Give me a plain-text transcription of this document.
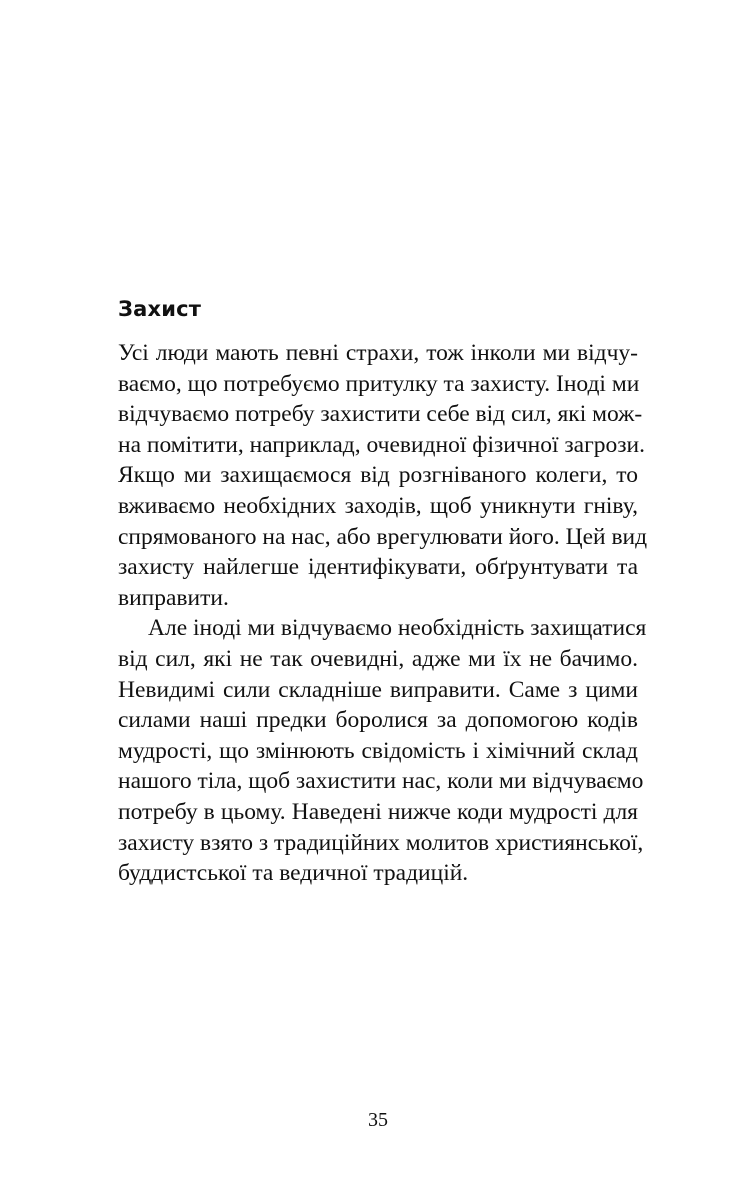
Захист
Усі люди мають певні страхи, тож інколи ми відчу-
ваємо, що потребуємо притулку та захисту. Іноді ми
відчуваємо потребу захистити себе від сил, які мож-
на помітити, наприклад, очевидної фізичної загрози.
Якщо ми захищаємося від розгніваного колеги, то
вживаємо необхідних заходів, щоб уникнути гніву,
спрямованого на нас, або врегулювати його. Цей вид
захисту найлегше ідентифікувати, обґрунтувати та
виправити.
Але іноді ми відчуваємо необхідність захищатися
від сил, які не так очевидні, адже ми їх не бачимо.
Невидимі сили складніше виправити. Саме з цими
силами наші предки боролися за допомогою кодів
мудрості, що змінюють свідомість і хімічний склад
нашого тіла, щоб захистити нас, коли ми відчуваємо
потребу в цьому. Наведені нижче коди мудрості для
захисту взято з традиційних молитов християнської,
буддистської та ведичної традицій.
35
